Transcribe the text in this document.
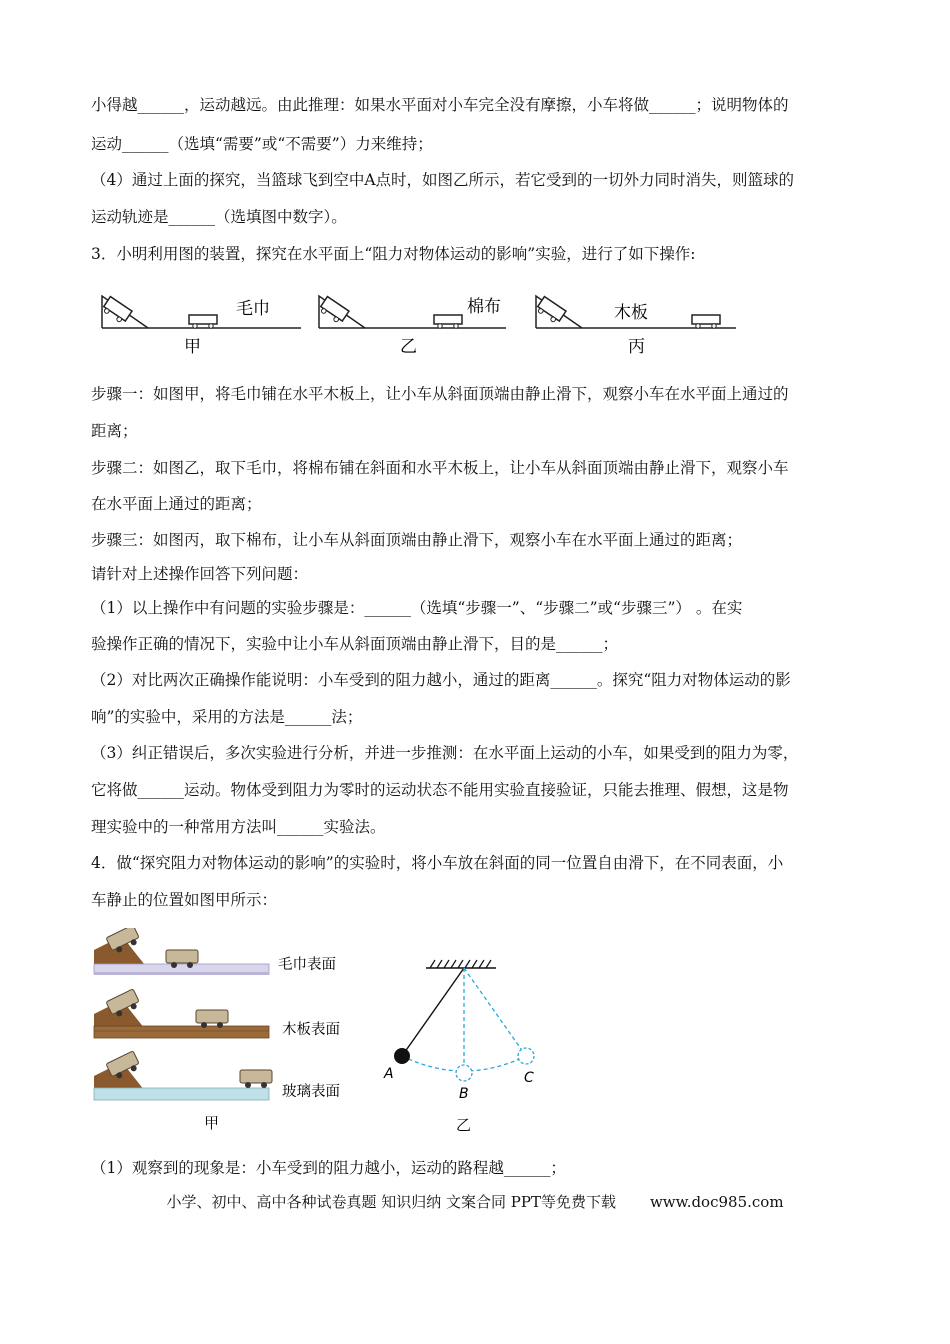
小得越______，运动越远。由此推理：如果水平面对小车完全没有摩擦，小车将做______；说明物体的
运动______（选填“需要”或“不需要”）力来维持；
（4）通过上面的探究，当篮球飞到空中A点时，如图乙所示，若它受到的一切外力同时消失，则篮球的
运动轨迹是______（选填图中数字）。
3．小明利用图的装置，探究在水平面上“阻力对物体运动的影响”实验，进行了如下操作:
毛巾
甲
棉布
乙
木板
丙
步骤一：如图甲，将毛巾铺在水平木板上，让小车从斜面顶端由静止滑下，观察小车在水平面上通过的
距离；
步骤二：如图乙，取下毛巾，将棉布铺在斜面和水平木板上，让小车从斜面顶端由静止滑下，观察小车
在水平面上通过的距离；
步骤三：如图丙，取下棉布，让小车从斜面顶端由静止滑下，观察小车在水平面上通过的距离；
请针对上述操作回答下列问题：
（1）以上操作中有问题的实验步骤是：______（选填“步骤一”、“步骤二”或“步骤三”） 。在实
验操作正确的情况下，实验中让小车从斜面顶端由静止滑下，目的是______；
（2）对比两次正确操作能说明：小车受到的阻力越小，通过的距离______。探究“阻力对物体运动的影
响”的实验中，采用的方法是______法；
（3）纠正错误后，多次实验进行分析，并进一步推测：在水平面上运动的小车，如果受到的阻力为零，
它将做______运动。物体受到阻力为零时的运动状态不能用实验直接验证，只能去推理、假想，这是物
理实验中的一种常用方法叫______实验法。
4．做“探究阻力对物体运动的影响”的实验时，将小车放在斜面的同一位置自由滑下，在不同表面，小
车静止的位置如图甲所示：
毛巾表面
木板表面
玻璃表面
甲
A
B
C
乙
（1）观察到的现象是：小车受到的阻力越小，运动的路程越______；
小学、初中、高中各种试卷真题 知识归纳 文案合同 PPT等免费下载 www.doc985.com
